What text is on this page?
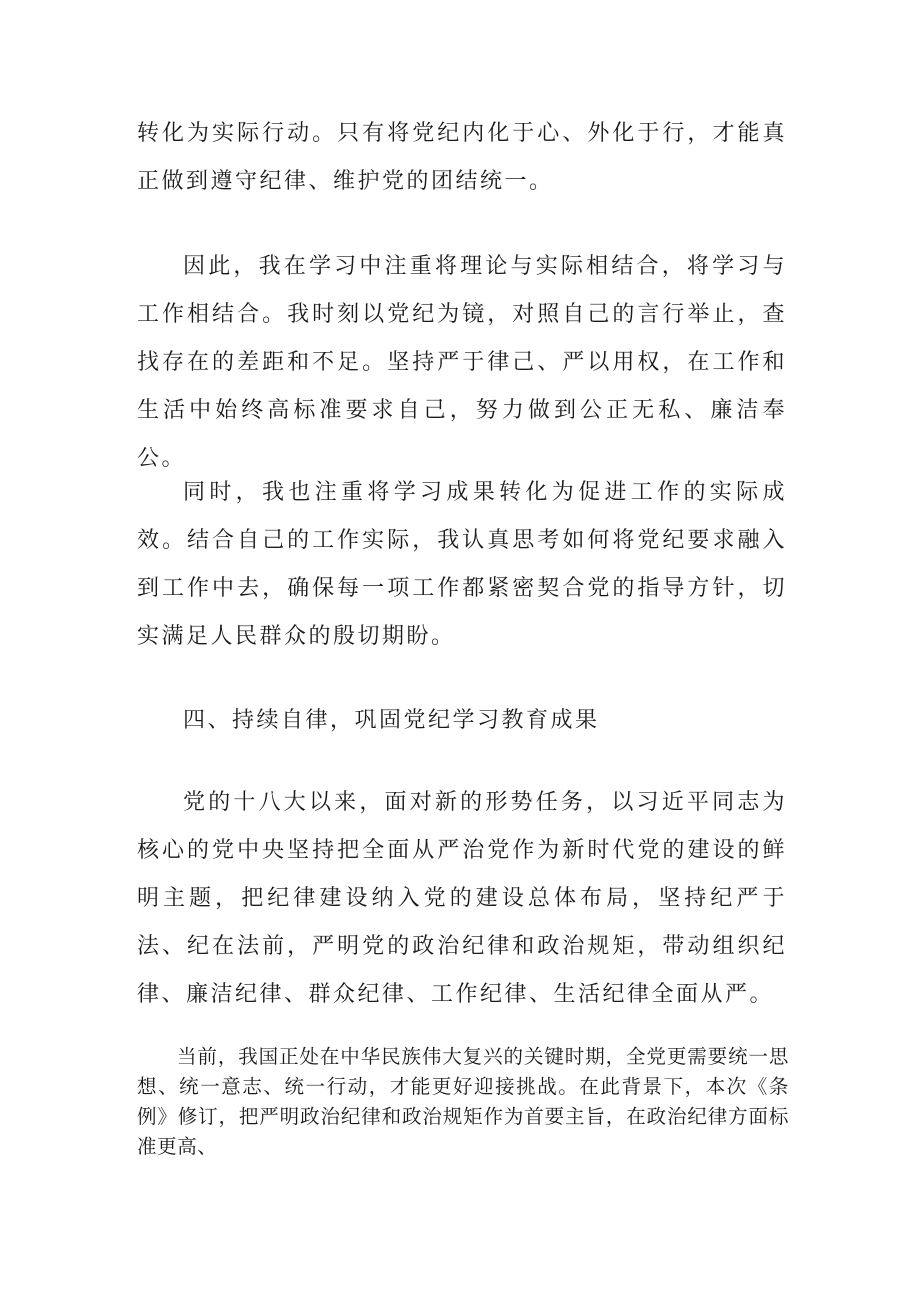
转化为实际行动。只有将党纪内化于心、外化于行，才能真正做到遵守纪律、维护党的团结统一。

因此，我在学习中注重将理论与实际相结合，将学习与工作相结合。我时刻以党纪为镜，对照自己的言行举止，查找存在的差距和不足。坚持严于律己、严以用权，在工作和生活中始终高标准要求自己，努力做到公正无私、廉洁奉公。

同时，我也注重将学习成果转化为促进工作的实际成效。结合自己的工作实际，我认真思考如何将党纪要求融入到工作中去，确保每一项工作都紧密契合党的指导方针，切实满足人民群众的殷切期盼。

四、持续自律，巩固党纪学习教育成果

党的十八大以来，面对新的形势任务，以习近平同志为核心的党中央坚持把全面从严治党作为新时代党的建设的鲜明主题，把纪律建设纳入党的建设总体布局，坚持纪严于法、纪在法前，严明党的政治纪律和政治规矩，带动组织纪律、廉洁纪律、群众纪律、工作纪律、生活纪律全面从严。

当前，我国正处在中华民族伟大复兴的关键时期，全党更需要统一思想、统一意志、统一行动，才能更好迎接挑战。在此背景下，本次《条例》修订，把严明政治纪律和政治规矩作为首要主旨，在政治纪律方面标准更高、
